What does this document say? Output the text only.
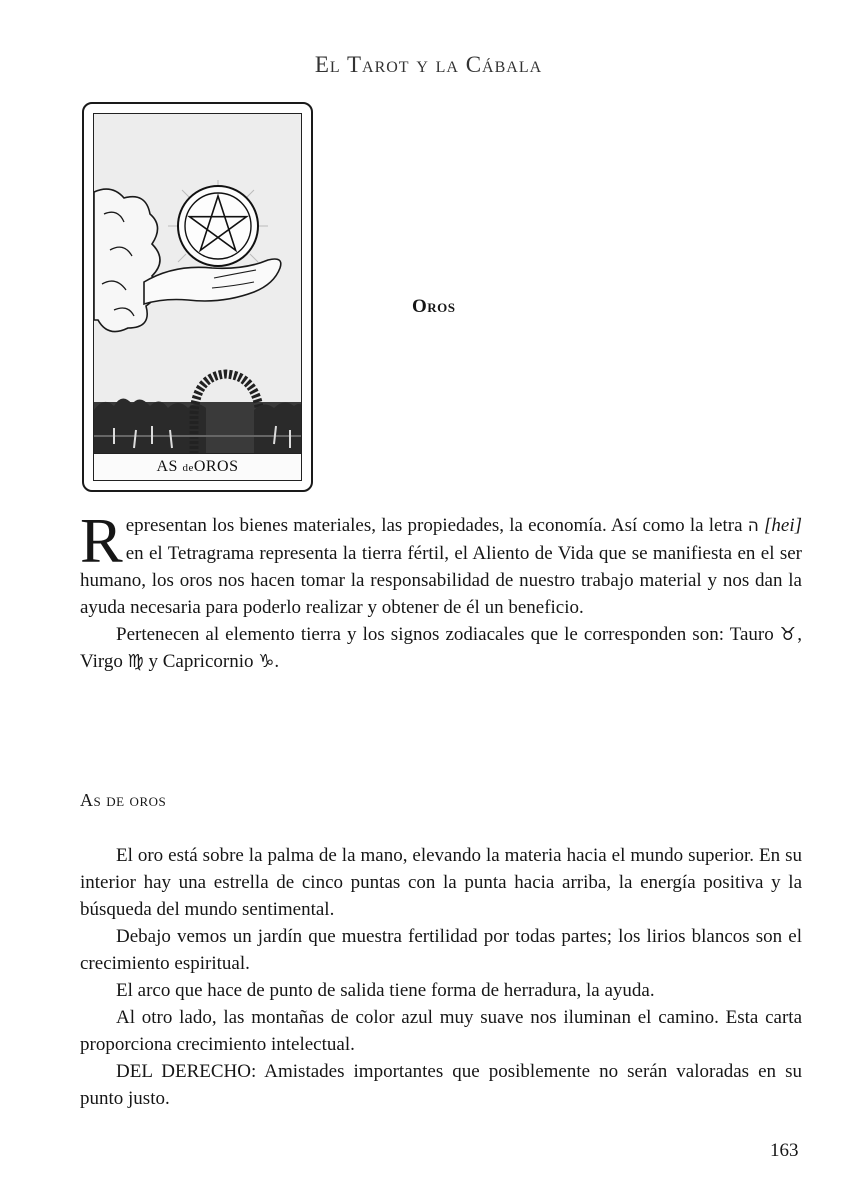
El Tarot y la Cábala
AS deOROS
Oros

Representan los bienes materiales, las propiedades, la economía. Así como la letra ה [hei] en el Tetragrama representa la tierra fértil, el Aliento de Vida que se manifiesta en el ser humano, los oros nos hacen tomar la responsabilidad de nuestro trabajo material y nos dan la ayuda necesaria para poderlo realizar y obtener de él un beneficio.

Pertenecen al elemento tierra y los signos zodiacales que le corresponden son: Tauro ♉, Virgo ♍ y Capricornio ♑.

As de oros

El oro está sobre la palma de la mano, elevando la materia hacia el mundo superior. En su interior hay una estrella de cinco puntas con la punta hacia arriba, la energía positiva y la búsqueda del mundo sentimental.

Debajo vemos un jardín que muestra fertilidad por todas partes; los lirios blancos son el crecimiento espiritual.

El arco que hace de punto de salida tiene forma de herradura, la ayuda.

Al otro lado, las montañas de color azul muy suave nos iluminan el camino. Esta carta proporciona crecimiento intelectual.

DEL DERECHO: Amistades importantes que posiblemente no serán valoradas en su punto justo.

163
